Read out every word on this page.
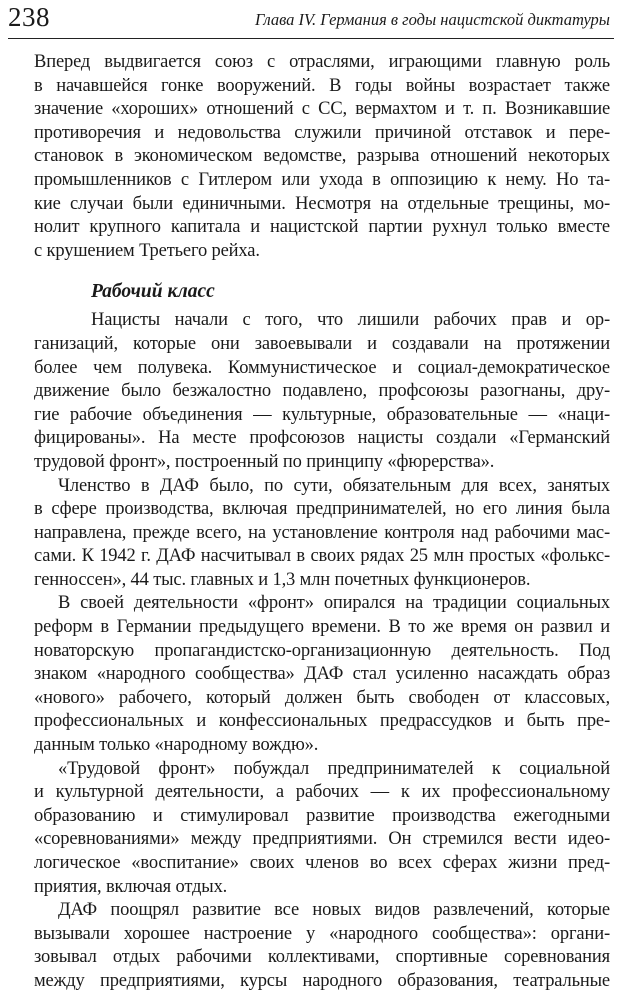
238	Глава IV. Германия в годы нацистской диктатуры
Вперед выдвигается союз с отраслями, играющими главную роль
в начавшейся гонке вооружений. В годы войны возрастает также
значение «хороших» отношений с СС, вермахтом и т. п. Возникавшие
противоречия и недовольства служили причиной отставок и пере-
становок в экономическом ведомстве, разрыва отношений некоторых
промышленников с Гитлером или ухода в оппозицию к нему. Но та-
кие случаи были единичными. Несмотря на отдельные трещины, мо-
нолит крупного капитала и нацистской партии рухнул только вместе
с крушением Третьего рейха.
Рабочий класс
Нацисты начали с того, что лишили рабочих прав и ор-
ганизаций, которые они завоевывали и создавали на протяжении
более чем полувека. Коммунистическое и социал-демократическое
движение было безжалостно подавлено, профсоюзы разогнаны, дру-
гие рабочие объединения — культурные, образовательные — «наци-
фицированы». На месте профсоюзов нацисты создали «Германский
трудовой фронт», построенный по принципу «фюрерства».
Членство в ДАФ было, по сути, обязательным для всех, занятых
в сфере производства, включая предпринимателей, но его линия была
направлена, прежде всего, на установление контроля над рабочими мас-
сами. К 1942 г. ДАФ насчитывал в своих рядах 25 млн простых «фолькс-
генноссен», 44 тыс. главных и 1,3 млн почетных функционеров.
В своей деятельности «фронт» опирался на традиции социальных
реформ в Германии предыдущего времени. В то же время он развил и
новаторскую пропагандистско-организационную деятельность. Под
знаком «народного сообщества» ДАФ стал усиленно насаждать образ
«нового» рабочего, который должен быть свободен от классовых,
профессиональных и конфессиональных предрассудков и быть пре-
данным только «народному вождю».
«Трудовой фронт» побуждал предпринимателей к социальной
и культурной деятельности, а рабочих — к их профессиональному
образованию и стимулировал развитие производства ежегодными
«соревнованиями» между предприятиями. Он стремился вести идео-
логическое «воспитание» своих членов во всех сферах жизни пред-
приятия, включая отдых.
ДАФ поощрял развитие все новых видов развлечений, которые
вызывали хорошее настроение у «народного сообщества»: органи-
зовывал отдых рабочими коллективами, спортивные соревнования
между предприятиями, курсы народного образования, театральные
